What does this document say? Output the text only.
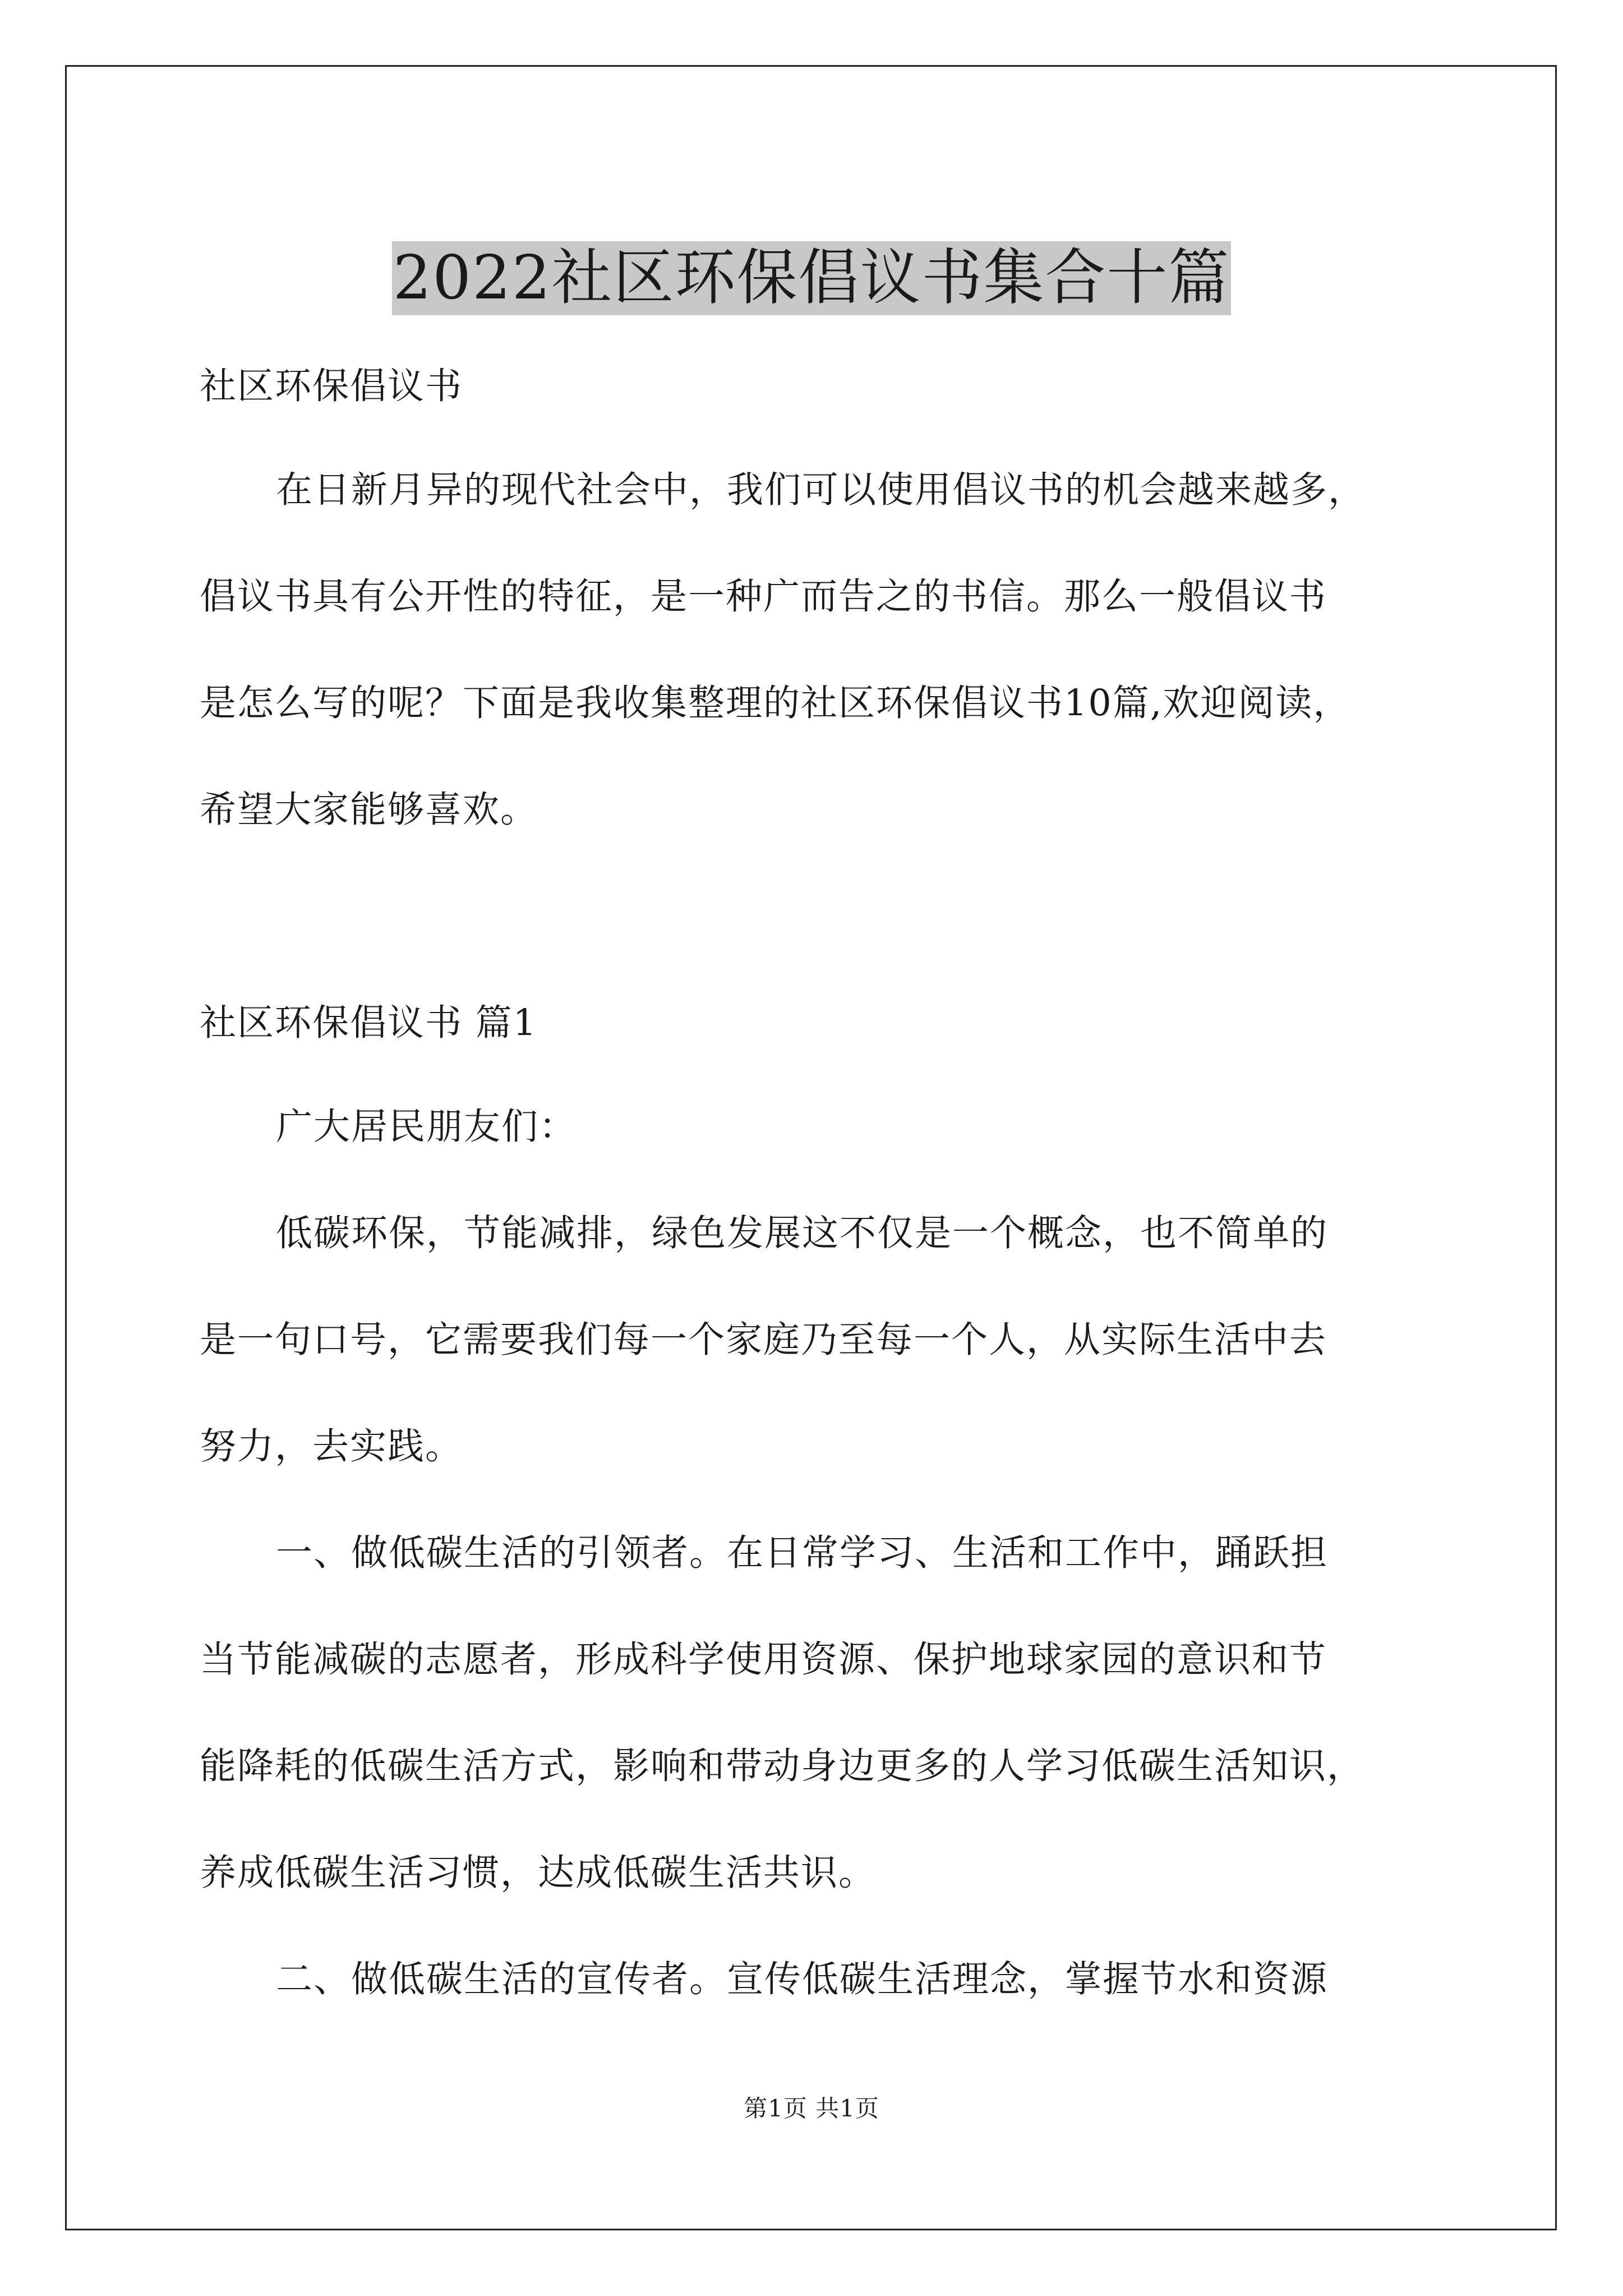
2022社区环保倡议书集合十篇

社区环保倡议书

在日新月异的现代社会中，我们可以使用倡议书的机会越来越多，

倡议书具有公开性的特征，是一种广而告之的书信。那么一般倡议书

是怎么写的呢？下面是我收集整理的社区环保倡议书10篇,欢迎阅读，

希望大家能够喜欢。

社区环保倡议书 篇1

广大居民朋友们：

低碳环保，节能减排，绿色发展这不仅是一个概念，也不简单的

是一句口号，它需要我们每一个家庭乃至每一个人，从实际生活中去

努力，去实践。

一、做低碳生活的引领者。在日常学习、生活和工作中，踊跃担

当节能减碳的志愿者，形成科学使用资源、保护地球家园的意识和节

能降耗的低碳生活方式，影响和带动身边更多的人学习低碳生活知识，

养成低碳生活习惯，达成低碳生活共识。

二、做低碳生活的宣传者。宣传低碳生活理念，掌握节水和资源

第1页 共1页
